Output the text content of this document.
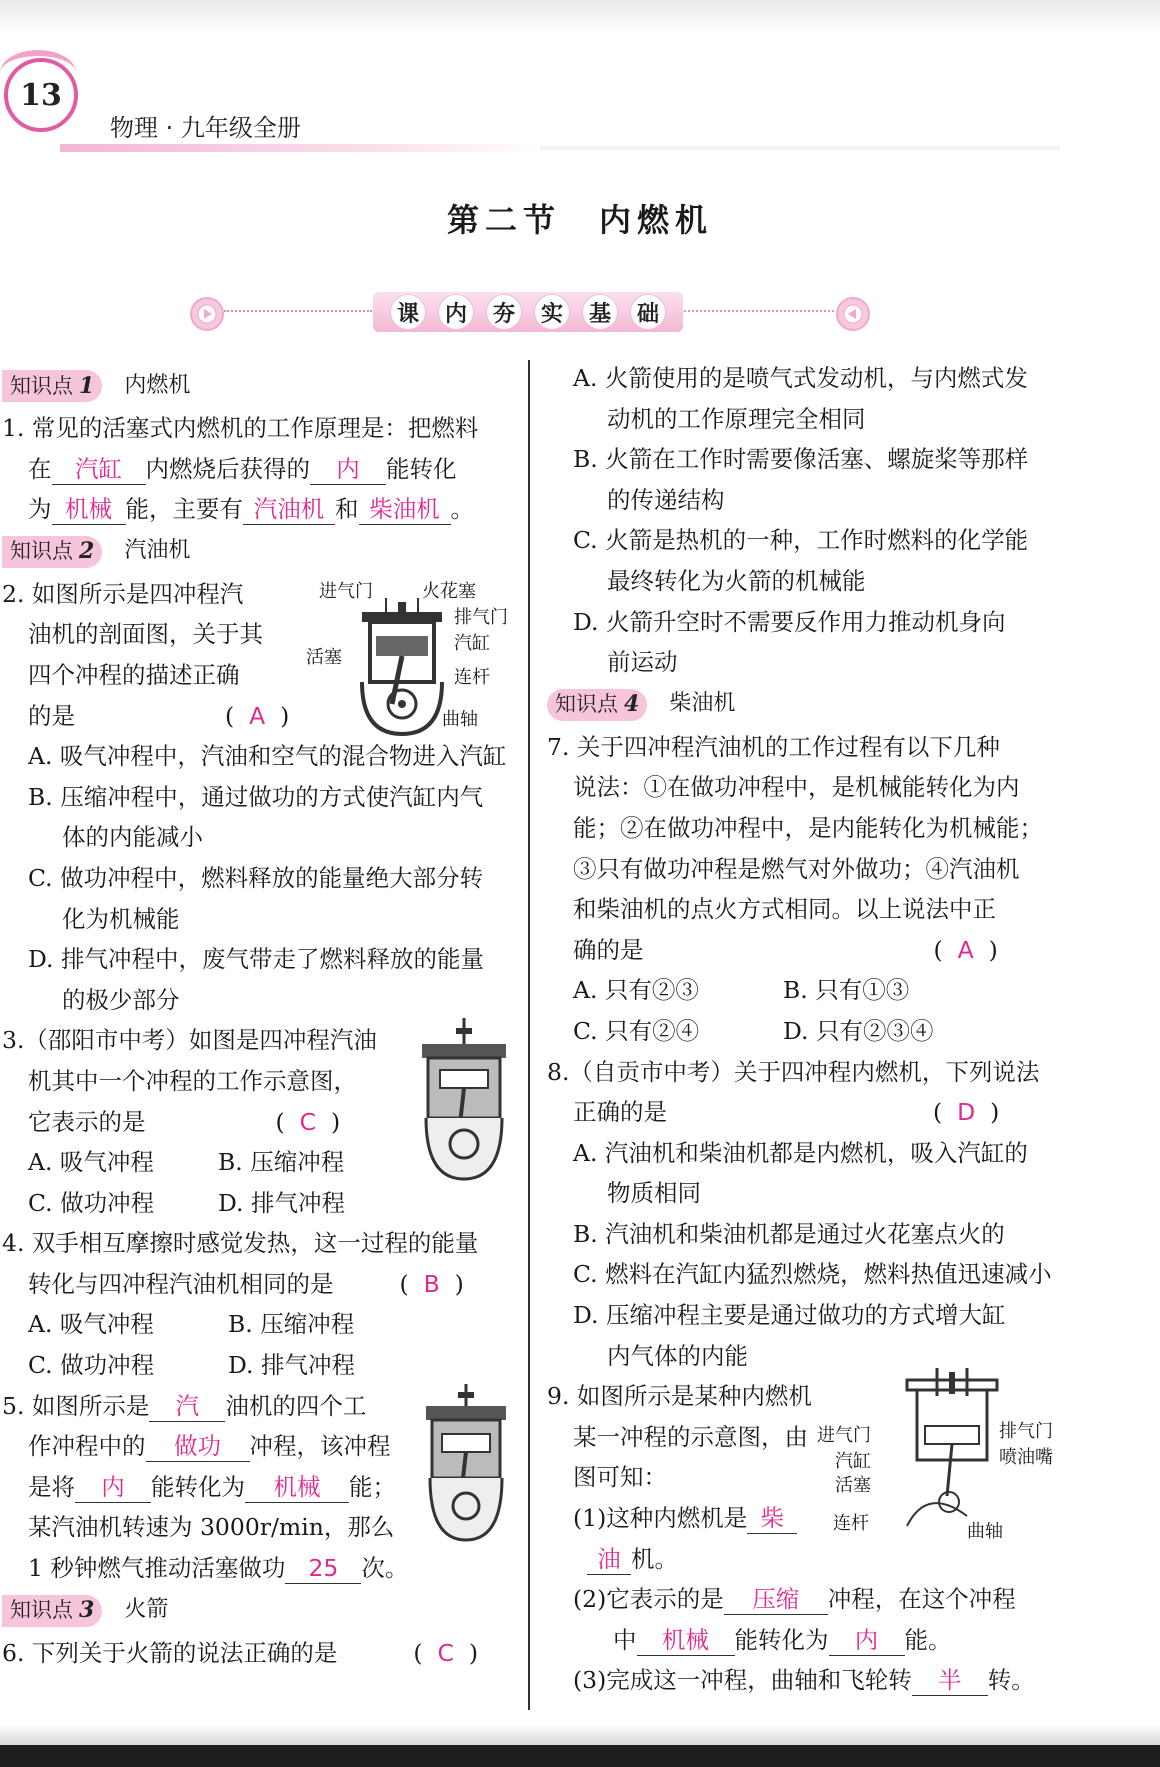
13
物理 · 九年级全册
第二节　内燃机
课	内	夯	实	基	础
知识点 1 内燃机
1. 常见的活塞式内燃机的工作原理是：把燃料
在 汽缸 内燃烧后获得的 内 能转化
为 机械 能，主要有 汽油机 和 柴油机 。
知识点 2 汽油机
2. 如图所示是四冲程汽
油机的剖面图，关于其
四个冲程的描述正确
的是	(  A  )
进气门	火花塞
排气门
汽缸
活塞
连杆
曲轴
A. 吸气冲程中，汽油和空气的混合物进入汽缸
B. 压缩冲程中，通过做功的方式使汽缸内气
体的内能减小
C. 做功冲程中，燃料释放的能量绝大部分转
化为机械能
D. 排气冲程中，废气带走了燃料释放的能量
的极少部分
3.（邵阳市中考）如图是四冲程汽油
机其中一个冲程的工作示意图，
它表示的是	(  C  )
A. 吸气冲程	B. 压缩冲程
C. 做功冲程	D. 排气冲程
4. 双手相互摩擦时感觉发热，这一过程的能量
转化与四冲程汽油机相同的是	(  B  )
A. 吸气冲程	B. 压缩冲程
C. 做功冲程	D. 排气冲程
5. 如图所示是 汽 油机的四个工
作冲程中的 做功 冲程，该冲程
是将 内 能转化为 机械 能；
某汽油机转速为 3000r/min，那么
1 秒钟燃气推动活塞做功 25 次。
知识点 3 火箭
6. 下列关于火箭的说法正确的是	(  C  )
A. 火箭使用的是喷气式发动机，与内燃式发
动机的工作原理完全相同
B. 火箭在工作时需要像活塞、螺旋桨等那样
的传递结构
C. 火箭是热机的一种，工作时燃料的化学能
最终转化为火箭的机械能
D. 火箭升空时不需要反作用力推动机身向
前运动
知识点 4 柴油机
7. 关于四冲程汽油机的工作过程有以下几种
说法：①在做功冲程中，是机械能转化为内
能；②在做功冲程中，是内能转化为机械能；
③只有做功冲程是燃气对外做功；④汽油机
和柴油机的点火方式相同。以上说法中正
确的是	(  A  )
A. 只有②③	B. 只有①③
C. 只有②④	D. 只有②③④
8.（自贡市中考）关于四冲程内燃机，下列说法
正确的是	(  D  )
A. 汽油机和柴油机都是内燃机，吸入汽缸的
物质相同
B. 汽油机和柴油机都是通过火花塞点火的
C. 燃料在汽缸内猛烈燃烧，燃料热值迅速减小
D. 压缩冲程主要是通过做功的方式增大缸
内气体的内能
9. 如图所示是某种内燃机
某一冲程的示意图，由
图可知：
(1)这种内燃机是 柴
油 机。
(2)它表示的是 压缩 冲程，在这个冲程
中 机械 能转化为 内 能。
(3)完成这一冲程，曲轴和飞轮转 半 转。
进气门
汽缸
活塞
连杆
排气门
喷油嘴
曲轴
